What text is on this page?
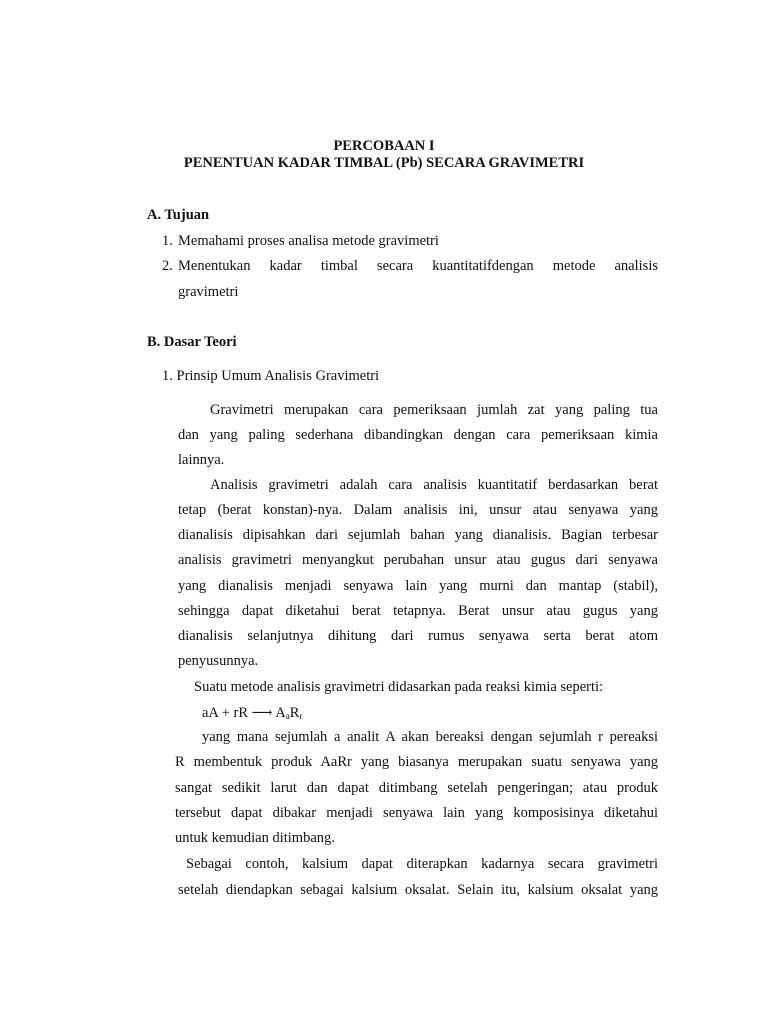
PERCOBAAN I
PENENTUAN KADAR TIMBAL (Pb) SECARA GRAVIMETRI
A. Tujuan
1. Memahami proses analisa metode gravimetri
2. Menentukan kadar timbal secara kuantitatifdengan metode analisis
gravimetri
B. Dasar Teori
1. Prinsip Umum Analisis Gravimetri
Gravimetri merupakan cara pemeriksaan jumlah zat yang paling tua
dan yang paling sederhana dibandingkan dengan cara pemeriksaan kimia
lainnya.
Analisis gravimetri adalah cara analisis kuantitatif berdasarkan berat
tetap (berat konstan)-nya. Dalam analisis ini, unsur atau senyawa yang
dianalisis dipisahkan dari sejumlah bahan yang dianalisis. Bagian terbesar
analisis gravimetri menyangkut perubahan unsur atau gugus dari senyawa
yang dianalisis menjadi senyawa lain yang murni dan mantap (stabil),
sehingga dapat diketahui berat tetapnya. Berat unsur atau gugus yang
dianalisis selanjutnya dihitung dari rumus senyawa serta berat atom
penyusunnya.
Suatu metode analisis gravimetri didasarkan pada reaksi kimia seperti:
aA + rR ⟶ $A_aR_r$
yang mana sejumlah a analit A akan bereaksi dengan sejumlah r pereaksi
R membentuk produk AaRr yang biasanya merupakan suatu senyawa yang
sangat sedikit larut dan dapat ditimbang setelah pengeringan; atau produk
tersebut dapat dibakar menjadi senyawa lain yang komposisinya diketahui
untuk kemudian ditimbang.
Sebagai contoh, kalsium dapat diterapkan kadarnya secara gravimetri
setelah diendapkan sebagai kalsium oksalat. Selain itu, kalsium oksalat yang
